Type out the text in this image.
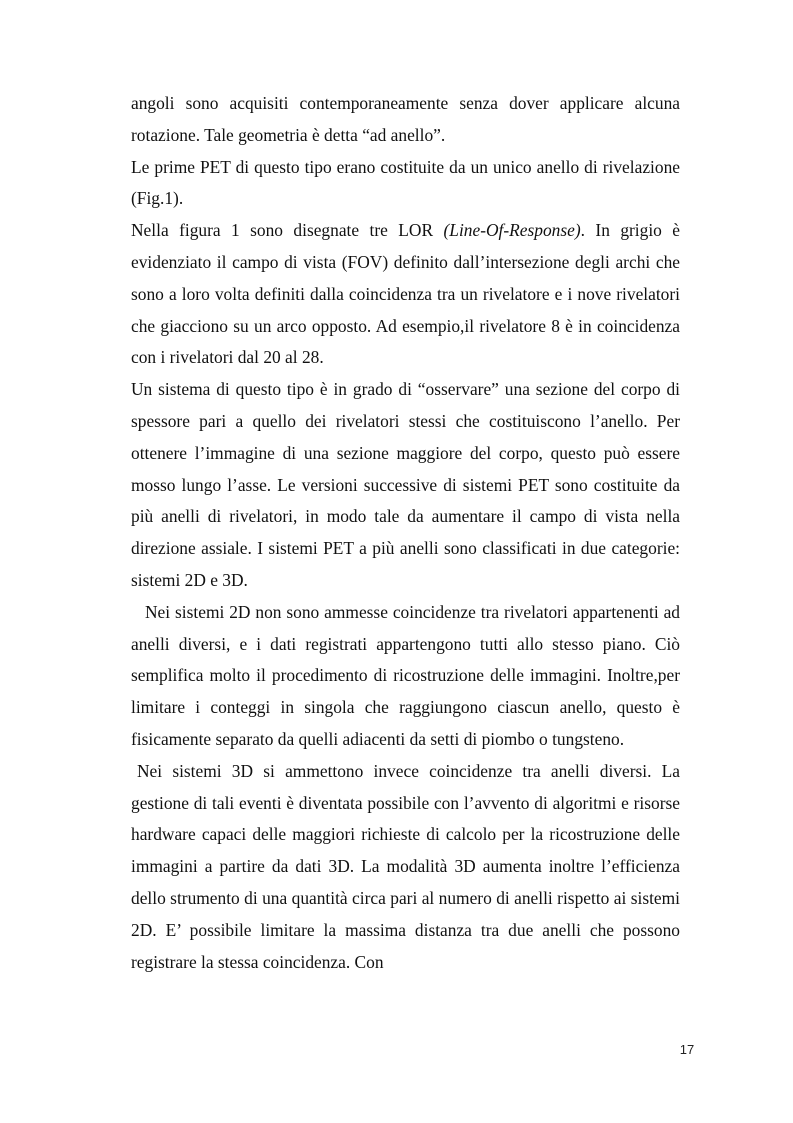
angoli sono acquisiti contemporaneamente senza dover applicare alcuna rotazione. Tale geometria è detta “ad anello”.

Le prime PET di questo tipo erano costituite da un unico anello di rivelazione (Fig.1).

Nella figura 1 sono disegnate tre LOR (Line-Of-Response). In grigio è evidenziato il campo di vista (FOV) definito dall’intersezione degli archi che sono a loro volta definiti dalla coincidenza tra un rivelatore e i nove rivelatori che giacciono su un arco opposto. Ad esempio,il rivelatore 8 è in coincidenza con i rivelatori dal 20 al 28.

Un sistema di questo tipo è in grado di “osservare” una sezione del corpo di spessore pari a quello dei rivelatori stessi che costituiscono l’anello. Per ottenere l’immagine di una sezione maggiore del corpo, questo può essere mosso lungo l’asse. Le versioni successive di sistemi PET sono costituite da più anelli di rivelatori, in modo tale da aumentare il campo di vista nella direzione assiale. I sistemi PET a più anelli sono classificati in due categorie: sistemi 2D e 3D.

Nei sistemi 2D non sono ammesse coincidenze tra rivelatori appartenenti ad anelli diversi, e i dati registrati appartengono tutti allo stesso piano. Ciò semplifica molto il procedimento di ricostruzione delle immagini. Inoltre,per limitare i conteggi in singola che raggiungono ciascun anello, questo è fisicamente separato da quelli adiacenti da setti di piombo o tungsteno.

Nei sistemi 3D si ammettono invece coincidenze tra anelli diversi. La gestione di tali eventi è diventata possibile con l’avvento di algoritmi e risorse hardware capaci delle maggiori richieste di calcolo per la ricostruzione delle immagini a partire da dati 3D. La modalità 3D aumenta inoltre l’efficienza dello strumento di una quantità circa pari al numero di anelli rispetto ai sistemi 2D. E’ possibile limitare la massima distanza tra due anelli che possono registrare la stessa coincidenza. Con

17
